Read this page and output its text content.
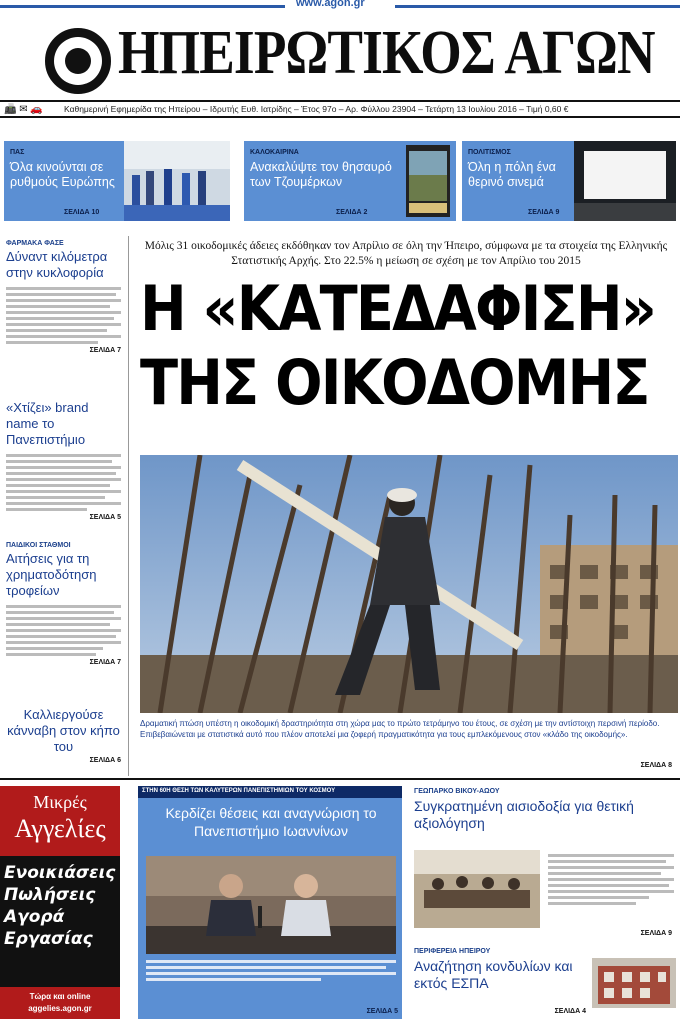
www.agon.gr
ΗΠΕΙΡΩΤΙΚΟΣ ΑΓΩΝ
📠 ✉ 🚗 Καθημερινή Εφημερίδα της Ηπείρου – Ιδρυτής Ευθ. Ιατρίδης – Έτος 97ο – Αρ. Φύλλου 23904 – Τετάρτη 13 Ιουλίου 2016 – Τιμή 0,60 €
ΠΑΣ
Όλα κινούνται σε ρυθμούς Ευρώπης
ΣΕΛΙΔΑ 10
ΚΑΛΟΚΑΙΡΙΝΑ
Ανακαλύψτε τον θησαυρό των Τζουμέρκων
ΣΕΛΙΔΑ 2
ΠΟΛΙΤΙΣΜΟΣ
Όλη η πόλη ένα θερινό σινεμά
ΣΕΛΙΔΑ 9
ΦΑΡΜΑΚΑ ΦΑΣΕ
Δύναντ κιλόμετρα στην κυκλοφορία
ΣΕΛΙΔΑ 7
«Χτίζει» brand name το Πανεπιστήμιο
ΣΕΛΙΔΑ 5
ΠΑΙΔΙΚΟΙ ΣΤΑΘΜΟΙ
Αιτήσεις για τη χρηματοδότηση τροφείων
ΣΕΛΙΔΑ 7
Καλλιεργούσε κάνναβη στον κήπο του
ΣΕΛΙΔΑ 6
Μόλις 31 οικοδομικές άδειες εκδόθηκαν τον Απρίλιο σε όλη την Ήπειρο, σύμφωνα με τα στοιχεία της Ελληνικής Στατιστικής Αρχής. Στο 22.5% η μείωση σε σχέση με τον Απρίλιο του 2015
Η «ΚΑΤΕΔΑΦΙΣΗ»
ΤΗΣ ΟΙΚΟΔΟΜΗΣ
Δραματική πτώση υπέστη η οικοδομική δραστηριότητα στη χώρα μας το πρώτο τετράμηνο του έτους, σε σχέση με την αντίστοιχη περσινή περίοδο. Επιβεβαιώνεται με στατιστικά αυτό που πλέον αποτελεί μια ζοφερή πραγματικότητα για τους εμπλεκόμενους στον «κλάδο της οικοδομής».
ΣΕΛΙΔΑ 8
Μικρές
Αγγελίες
Ενοικιάσεις
Πωλήσεις
Αγορά
Εργασίας
Τώρα και online
aggelies.agon.gr
ΣΤΗΝ 60Η ΘΕΣΗ ΤΩΝ ΚΑΛΥΤΕΡΩΝ ΠΑΝΕΠΙΣΤΗΜΙΩΝ ΤΟΥ ΚΟΣΜΟΥ
Κερδίζει θέσεις και αναγνώριση το Πανεπιστήμιο Ιωαννίνων
ΣΕΛΙΔΑ 5
ΓΕΩΠΑΡΚΟ ΒΙΚΟΥ-ΑΩΟΥ
Συγκρατημένη αισιοδοξία για θετική αξιολόγηση
ΣΕΛΙΔΑ 9
ΠΕΡΙΦΕΡΕΙΑ ΗΠΕΙΡΟΥ
Αναζήτηση κονδυλίων και εκτός ΕΣΠΑ
ΣΕΛΙΔΑ 4
